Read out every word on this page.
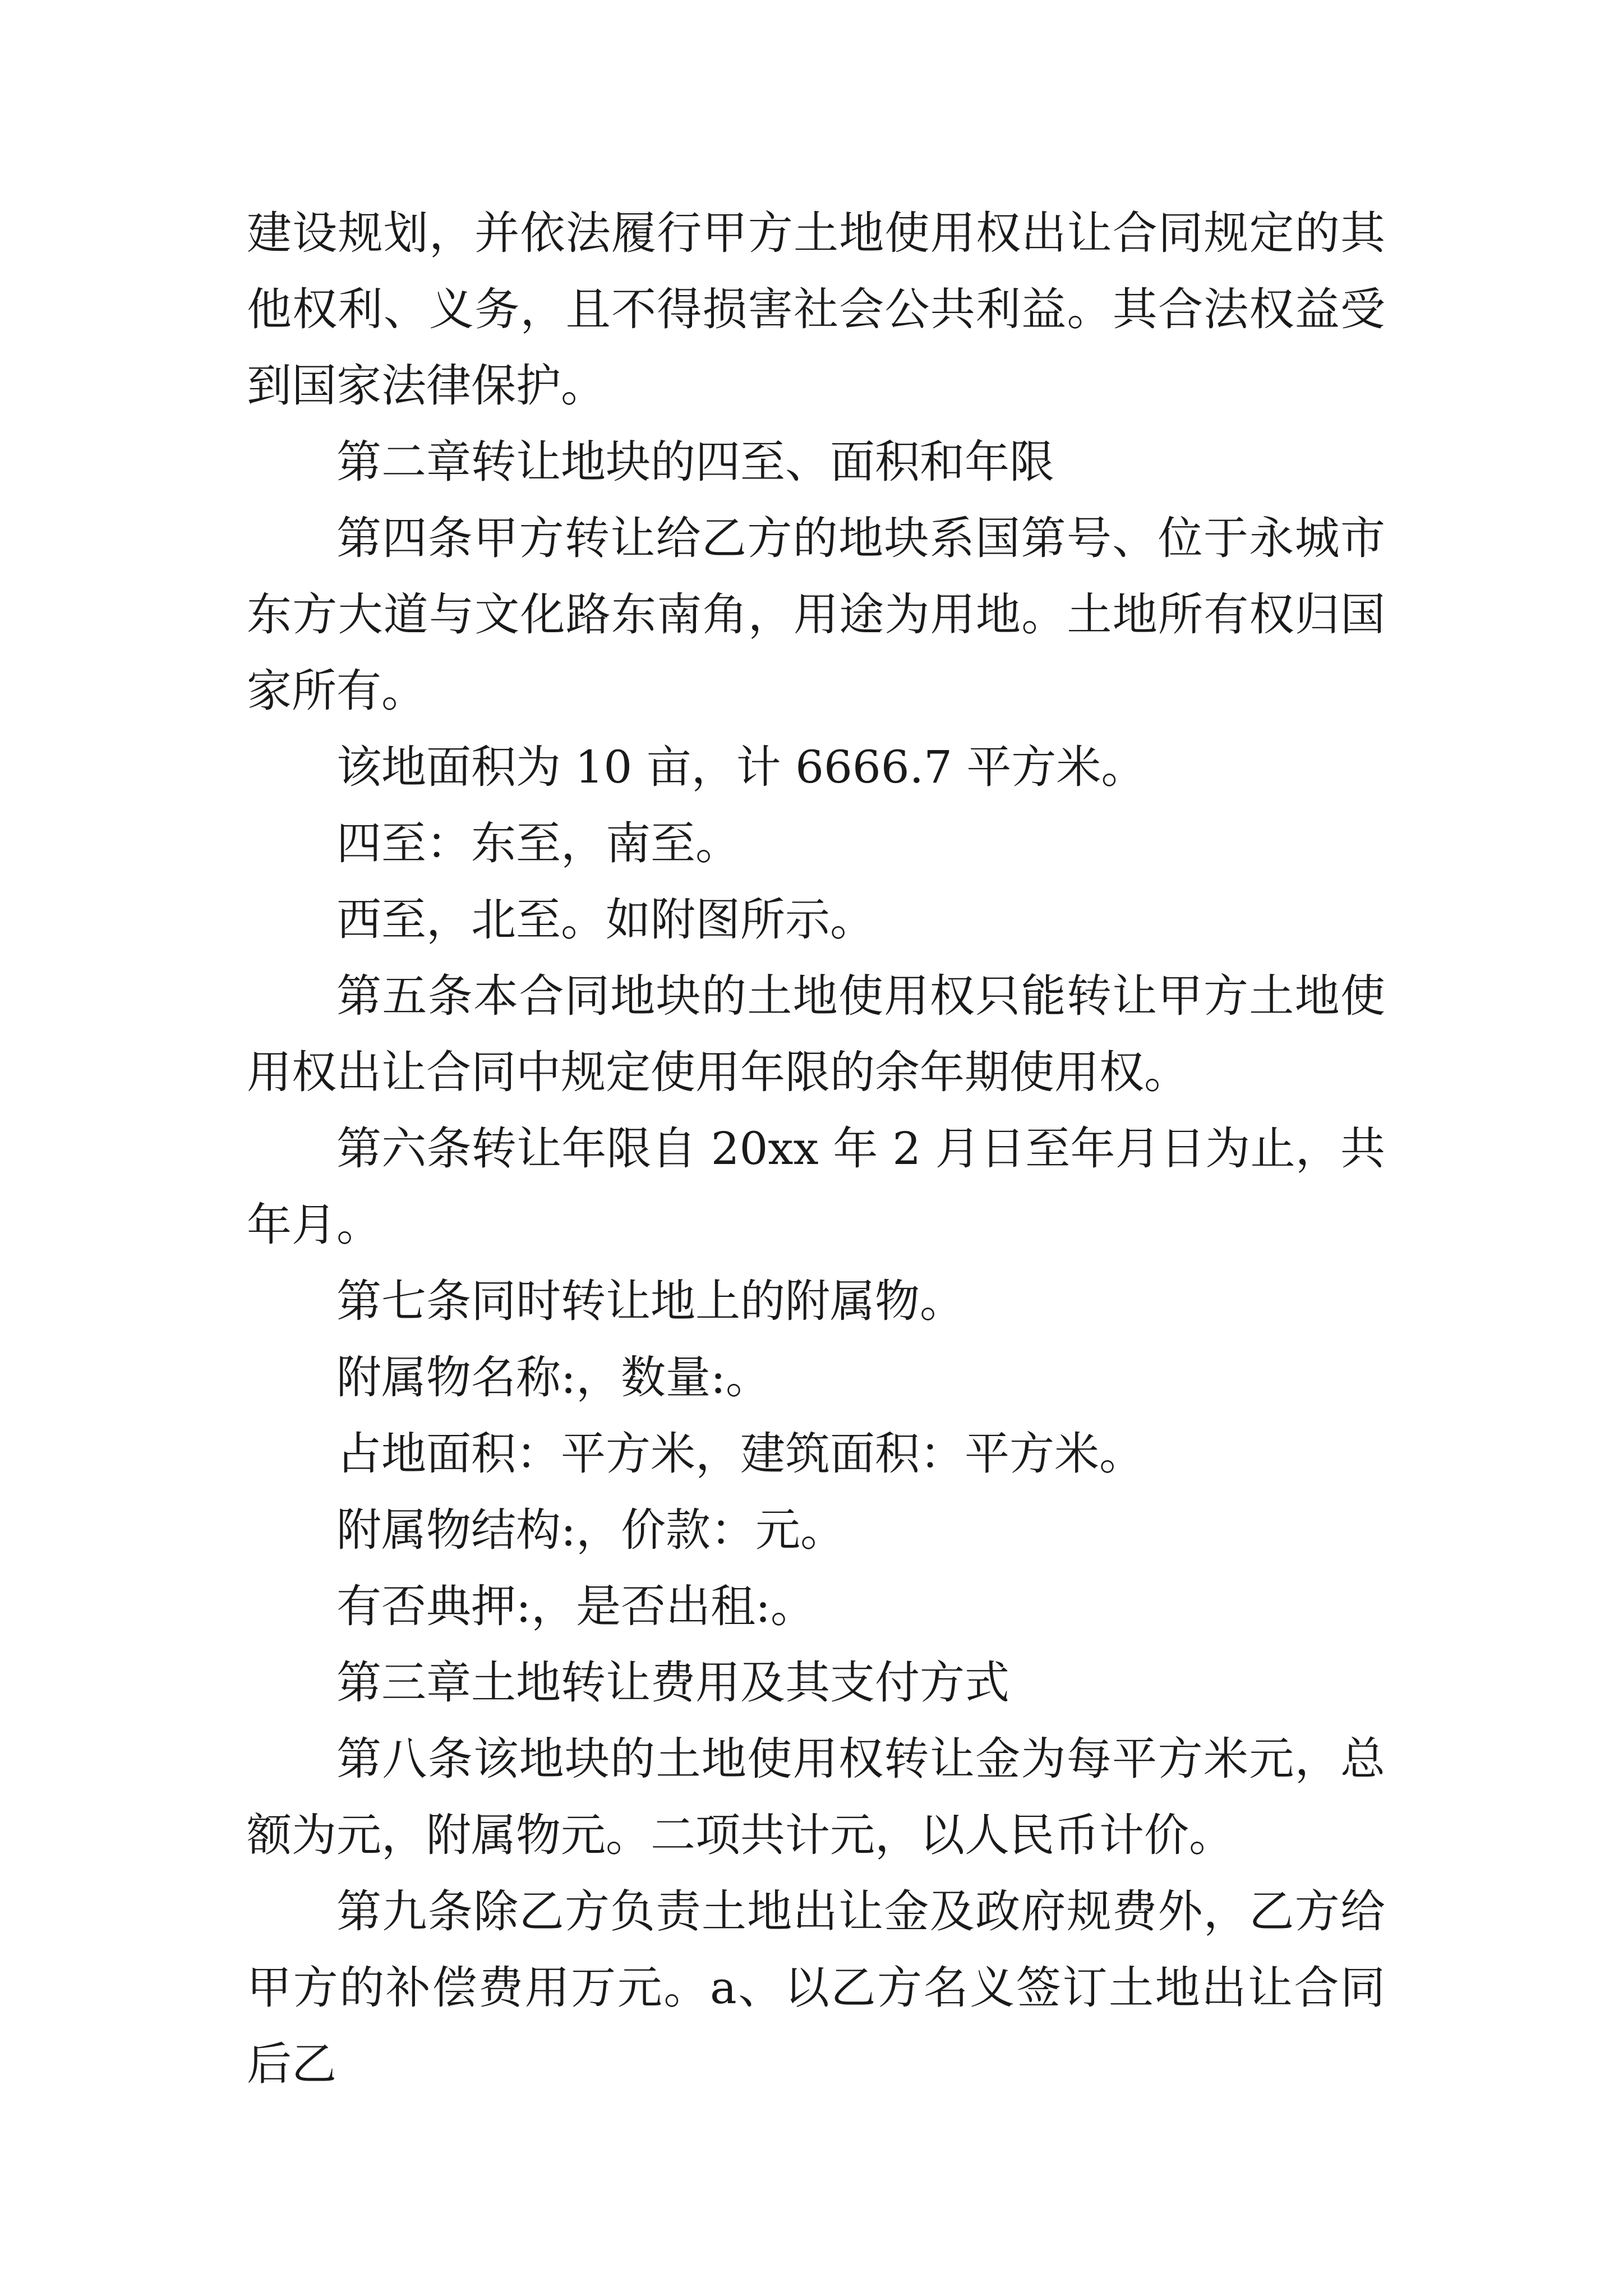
建设规划，并依法履行甲方土地使用权出让合同规定的其他权利、义务，且不得损害社会公共利益。其合法权益受到国家法律保护。

第二章转让地块的四至、面积和年限

第四条甲方转让给乙方的地块系国第号、位于永城市东方大道与文化路东南角，用途为用地。土地所有权归国家所有。

该地面积为 10 亩，计 6666.7 平方米。

四至：东至，南至。

西至，北至。如附图所示。

第五条本合同地块的土地使用权只能转让甲方土地使用权出让合同中规定使用年限的余年期使用权。

第六条转让年限自 20xx 年 2 月日至年月日为止，共年月。

第七条同时转让地上的附属物。

附属物名称:，数量:。

占地面积：平方米，建筑面积：平方米。

附属物结构:，价款：元。

有否典押:，是否出租:。

第三章土地转让费用及其支付方式

第八条该地块的土地使用权转让金为每平方米元，总额为元，附属物元。二项共计元，以人民币计价。

第九条除乙方负责土地出让金及政府规费外，乙方给甲方的补偿费用万元。a、以乙方名义签订土地出让合同后乙
